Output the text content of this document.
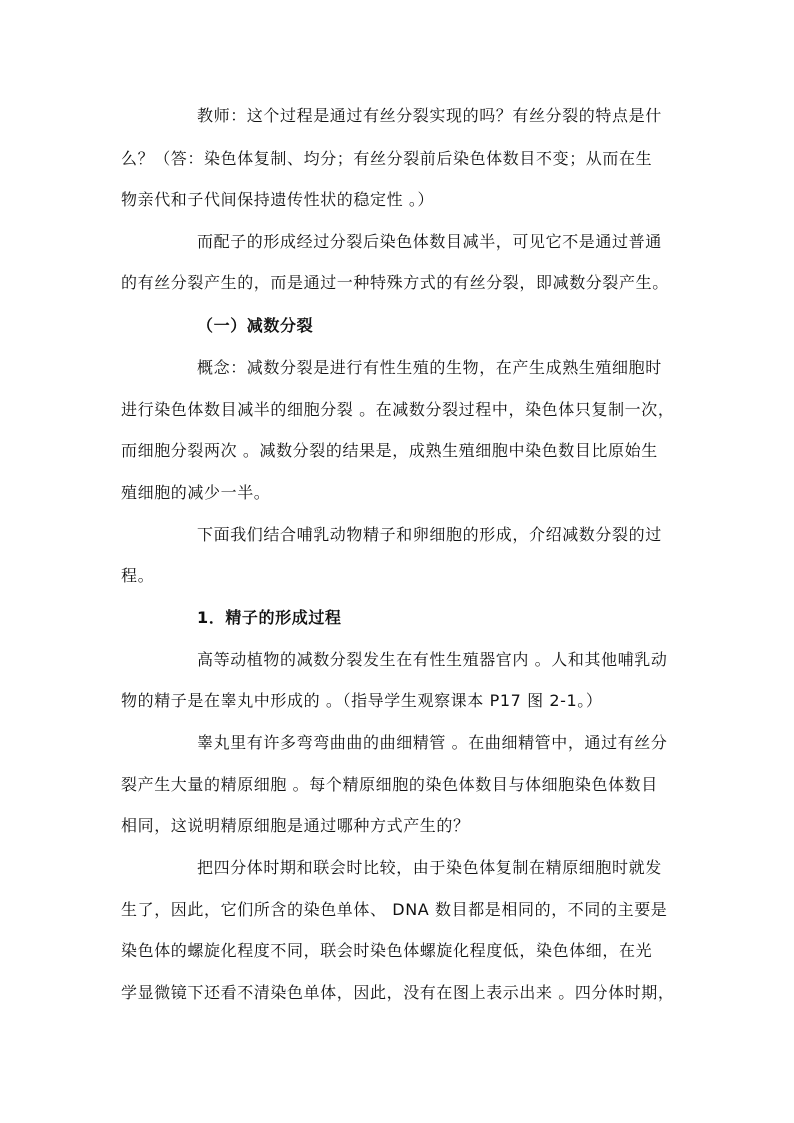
教师：这个过程是通过有丝分裂实现的吗？有丝分裂的特点是什
么？（答：染色体复制、均分；有丝分裂前后染色体数目不变；从而在生
物亲代和子代间保持遗传性状的稳定性 。）
而配子的形成经过分裂后染色体数目减半，可见它不是通过普通
的有丝分裂产生的，而是通过一种特殊方式的有丝分裂，即减数分裂产生。
（一）减数分裂
概念：减数分裂是进行有性生殖的生物，在产生成熟生殖细胞时
进行染色体数目减半的细胞分裂 。在减数分裂过程中，染色体只复制一次，
而细胞分裂两次 。减数分裂的结果是，成熟生殖细胞中染色数目比原始生
殖细胞的减少一半。
下面我们结合哺乳动物精子和卵细胞的形成，介绍减数分裂的过
程。
1．精子的形成过程
高等动植物的减数分裂发生在有性生殖器官内 。人和其他哺乳动
物的精子是在睾丸中形成的 。（指导学生观察课本 P17 图 2-1。）
睾丸里有许多弯弯曲曲的曲细精管 。在曲细精管中，通过有丝分
裂产生大量的精原细胞 。每个精原细胞的染色体数目与体细胞染色体数目
相同，这说明精原细胞是通过哪种方式产生的？
把四分体时期和联会时比较，由于染色体复制在精原细胞时就发
生了，因此，它们所含的染色单体、 DNA 数目都是相同的，不同的主要是
染色体的螺旋化程度不同，联会时染色体螺旋化程度低，染色体细，在光
学显微镜下还看不清染色单体，因此，没有在图上表示出来 。四分体时期，
